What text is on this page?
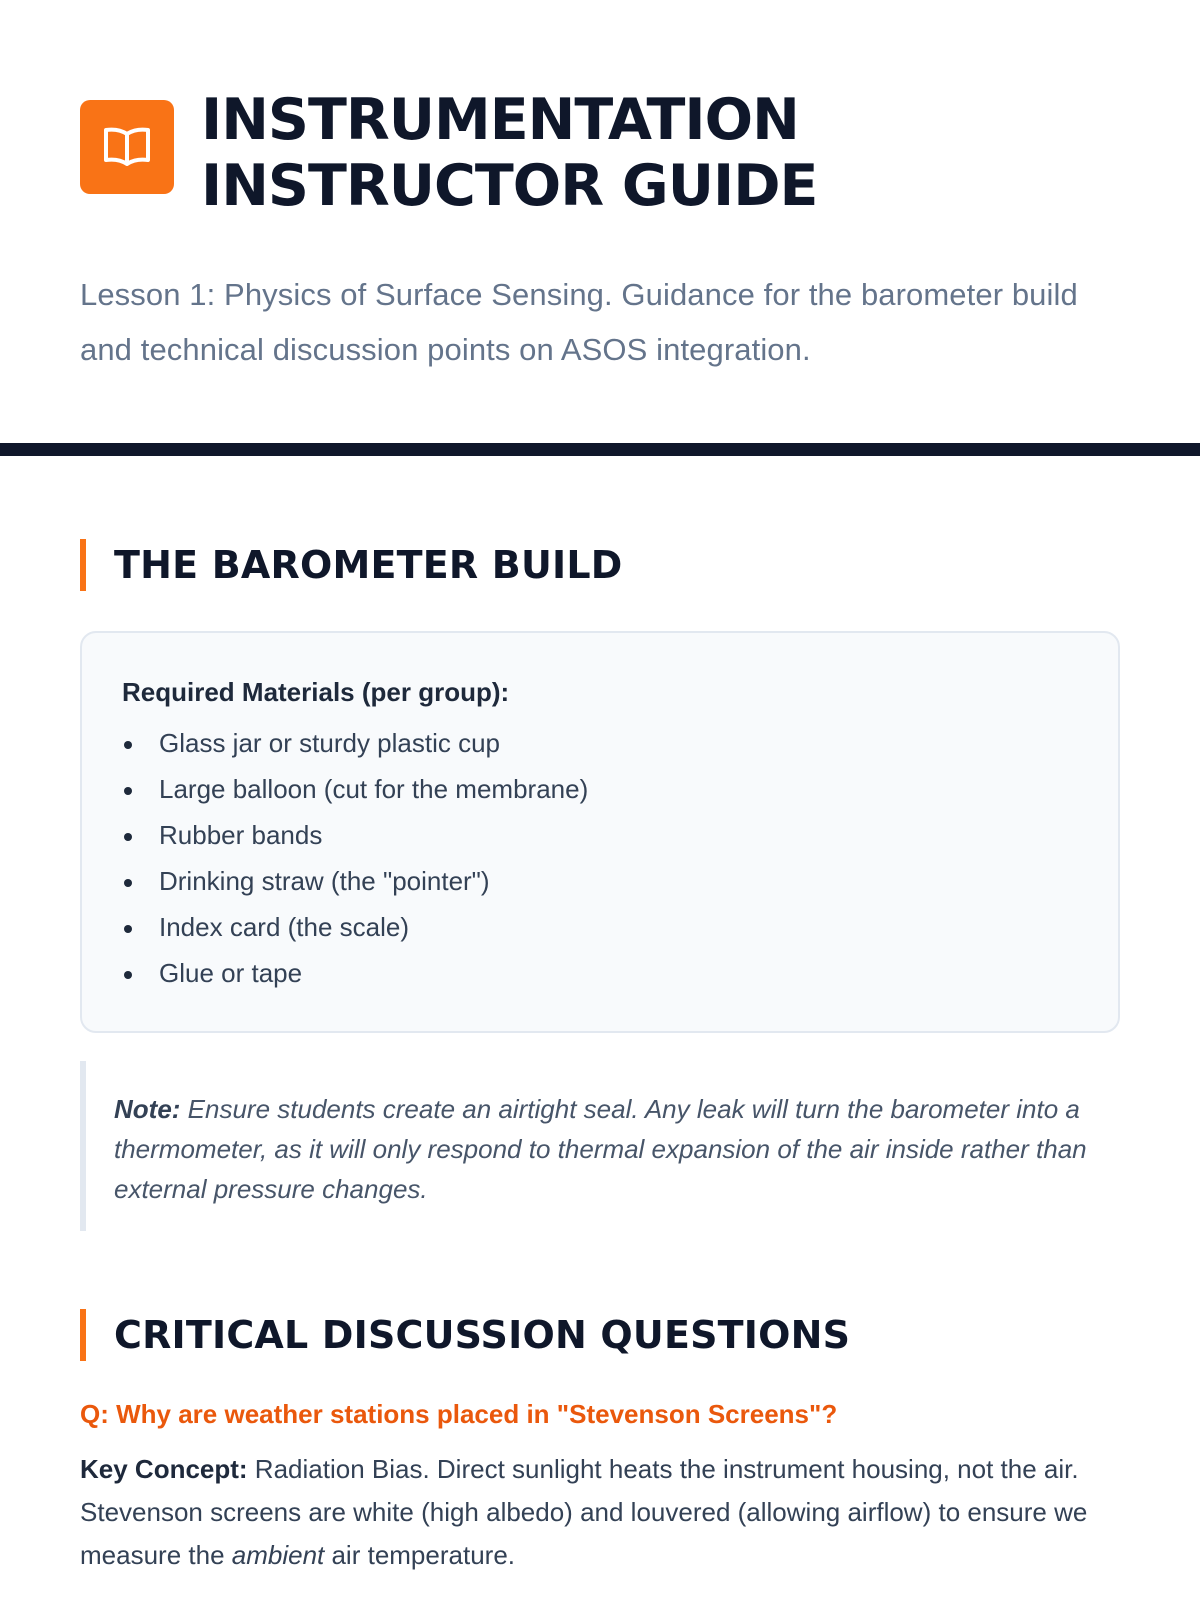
INSTRUMENTATION
INSTRUCTOR GUIDE

Lesson 1: Physics of Surface Sensing. Guidance for the barometer build and technical discussion points on ASOS integration.

THE BAROMETER BUILD
Required Materials (per group):
Glass jar or sturdy plastic cup
Large balloon (cut for the membrane)
Rubber bands
Drinking straw (the "pointer")
Index card (the scale)
Glue or tape
Note: Ensure students create an airtight seal. Any leak will turn the barometer into a thermometer, as it will only respond to thermal expansion of the air inside rather than external pressure changes.
CRITICAL DISCUSSION QUESTIONS
Q: Why are weather stations placed in "Stevenson Screens"?

Key Concept: Radiation Bias. Direct sunlight heats the instrument housing, not the air. Stevenson screens are white (high albedo) and louvered (allowing airflow) to ensure we measure the ambient air temperature.
